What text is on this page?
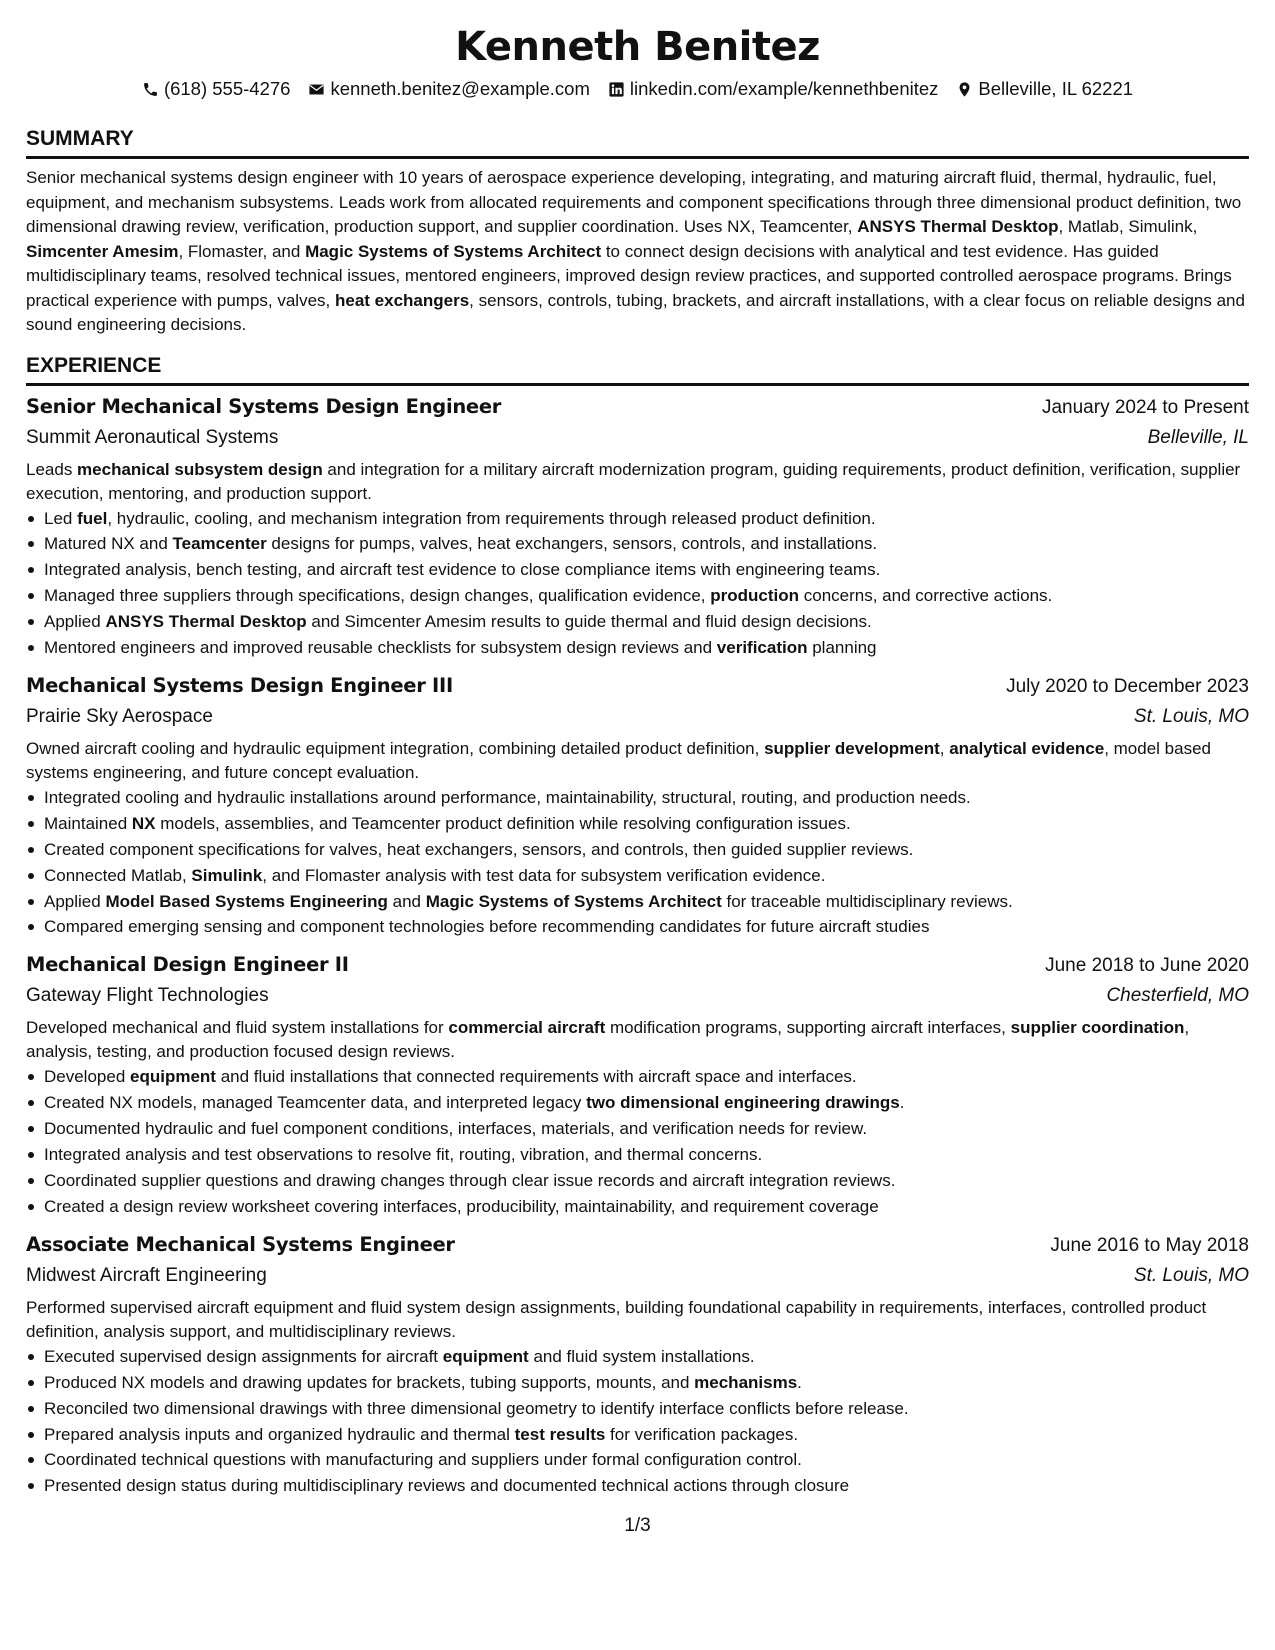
Kenneth Benitez
(618) 555-4276 kenneth.benitez@example.com linkedin.com/example/kennethbenitez Belleville, IL 62221
SUMMARY

Senior mechanical systems design engineer with 10 years of aerospace experience developing, integrating, and maturing aircraft fluid, thermal, hydraulic, fuel, equipment, and mechanism subsystems. Leads work from allocated requirements and component specifications through three dimensional product definition, two dimensional drawing review, verification, production support, and supplier coordination. Uses NX, Teamcenter, ANSYS Thermal Desktop, Matlab, Simulink, Simcenter Amesim, Flomaster, and Magic Systems of Systems Architect to connect design decisions with analytical and test evidence. Has guided multidisciplinary teams, resolved technical issues, mentored engineers, improved design review practices, and supported controlled aerospace programs. Brings practical experience with pumps, valves, heat exchangers, sensors, controls, tubing, brackets, and aircraft installations, with a clear focus on reliable designs and sound engineering decisions.

EXPERIENCE
Senior Mechanical Systems Design Engineer	January 2024 to Present
Summit Aeronautical Systems	Belleville, IL
Leads mechanical subsystem design and integration for a military aircraft modernization program, guiding requirements, product definition, verification, supplier execution, mentoring, and production support.
Led fuel, hydraulic, cooling, and mechanism integration from requirements through released product definition.
Matured NX and Teamcenter designs for pumps, valves, heat exchangers, sensors, controls, and installations.
Integrated analysis, bench testing, and aircraft test evidence to close compliance items with engineering teams.
Managed three suppliers through specifications, design changes, qualification evidence, production concerns, and corrective actions.
Applied ANSYS Thermal Desktop and Simcenter Amesim results to guide thermal and fluid design decisions.
Mentored engineers and improved reusable checklists for subsystem design reviews and verification planning
Mechanical Systems Design Engineer III	July 2020 to December 2023
Prairie Sky Aerospace	St. Louis, MO
Owned aircraft cooling and hydraulic equipment integration, combining detailed product definition, supplier development, analytical evidence, model based systems engineering, and future concept evaluation.
Integrated cooling and hydraulic installations around performance, maintainability, structural, routing, and production needs.
Maintained NX models, assemblies, and Teamcenter product definition while resolving configuration issues.
Created component specifications for valves, heat exchangers, sensors, and controls, then guided supplier reviews.
Connected Matlab, Simulink, and Flomaster analysis with test data for subsystem verification evidence.
Applied Model Based Systems Engineering and Magic Systems of Systems Architect for traceable multidisciplinary reviews.
Compared emerging sensing and component technologies before recommending candidates for future aircraft studies
Mechanical Design Engineer II	June 2018 to June 2020
Gateway Flight Technologies	Chesterfield, MO
Developed mechanical and fluid system installations for commercial aircraft modification programs, supporting aircraft interfaces, supplier coordination, analysis, testing, and production focused design reviews.
Developed equipment and fluid installations that connected requirements with aircraft space and interfaces.
Created NX models, managed Teamcenter data, and interpreted legacy two dimensional engineering drawings.
Documented hydraulic and fuel component conditions, interfaces, materials, and verification needs for review.
Integrated analysis and test observations to resolve fit, routing, vibration, and thermal concerns.
Coordinated supplier questions and drawing changes through clear issue records and aircraft integration reviews.
Created a design review worksheet covering interfaces, producibility, maintainability, and requirement coverage
Associate Mechanical Systems Engineer	June 2016 to May 2018
Midwest Aircraft Engineering	St. Louis, MO
Performed supervised aircraft equipment and fluid system design assignments, building foundational capability in requirements, interfaces, controlled product definition, analysis support, and multidisciplinary reviews.
Executed supervised design assignments for aircraft equipment and fluid system installations.
Produced NX models and drawing updates for brackets, tubing supports, mounts, and mechanisms.
Reconciled two dimensional drawings with three dimensional geometry to identify interface conflicts before release.
Prepared analysis inputs and organized hydraulic and thermal test results for verification packages.
Coordinated technical questions with manufacturing and suppliers under formal configuration control.
Presented design status during multidisciplinary reviews and documented technical actions through closure
1/3
